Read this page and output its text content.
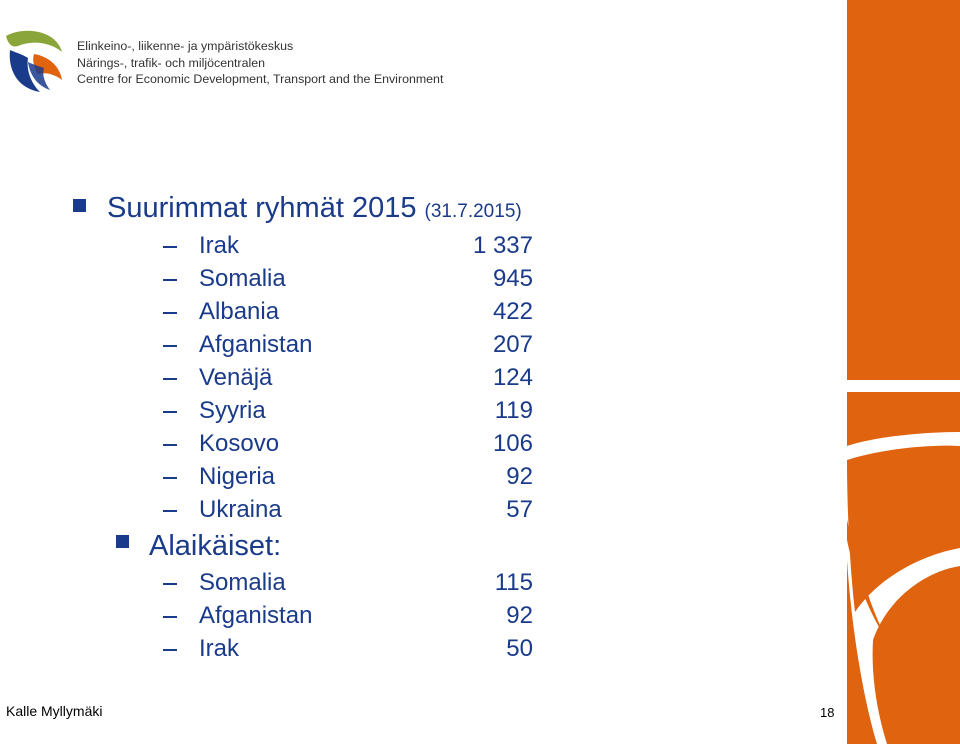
Elinkeino-, liikenne- ja ympäristökeskus
Närings-, trafik- och miljöcentralen
Centre for Economic Development, Transport and the Environment
Suurimmat ryhmät 2015 (31.7.2015)
Irak	1 337
Somalia	945
Albania	422
Afganistan	207
Venäjä	124
Syyria	119
Kosovo	106
Nigeria	92
Ukraina	57
Alaikäiset:
Somalia	115
Afganistan	92
Irak	50
Kalle Myllymäki	18
